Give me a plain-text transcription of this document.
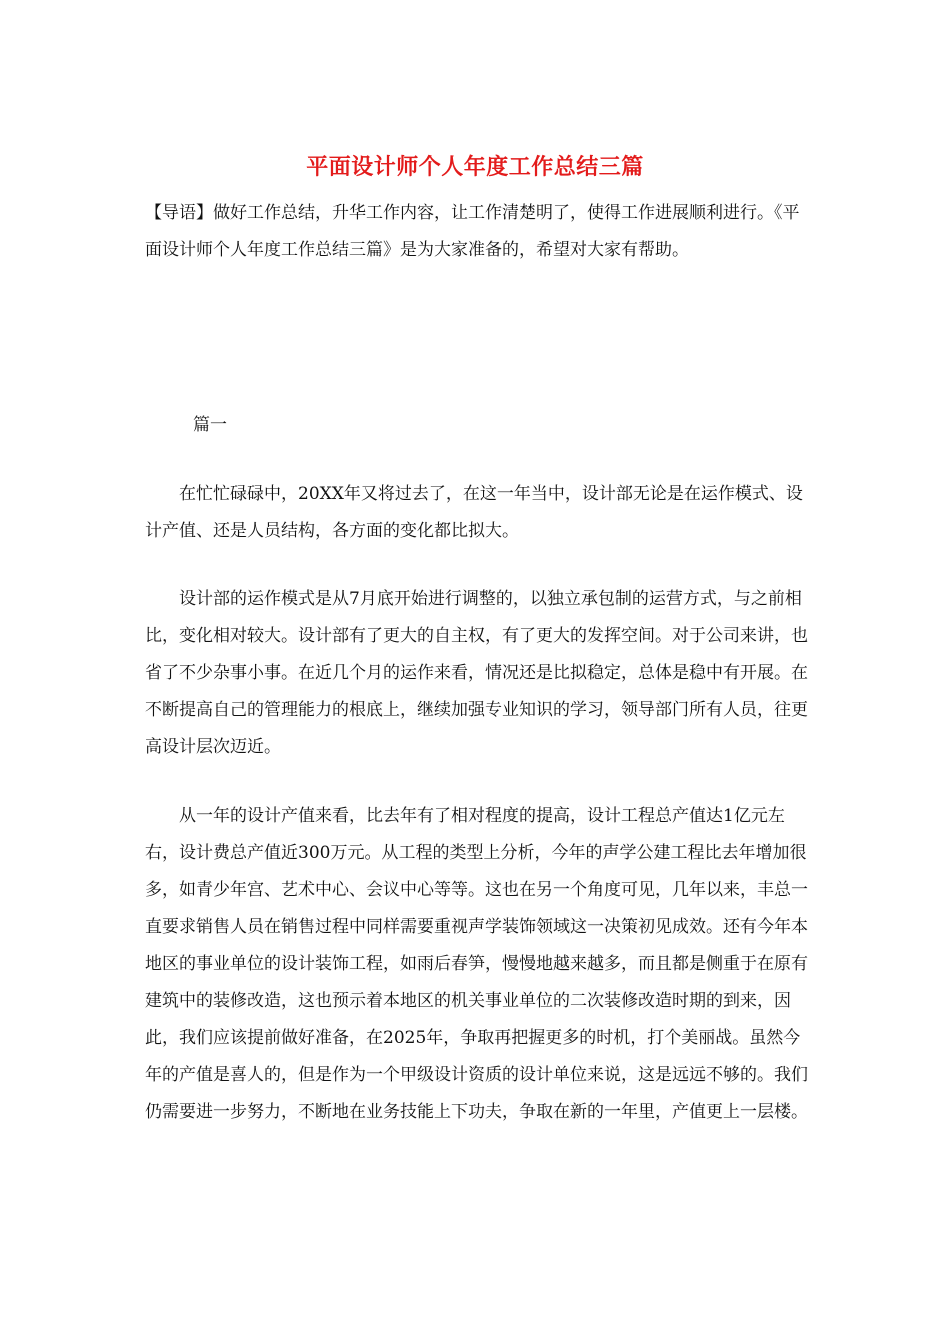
平面设计师个人年度工作总结三篇

【导语】做好工作总结，升华工作内容，让工作清楚明了，使得工作进展顺利进行。《平面设计师个人年度工作总结三篇》是为大家准备的，希望对大家有帮助。

篇一

在忙忙碌碌中，20XX年又将过去了，在这一年当中，设计部无论是在运作模式、设计产值、还是人员结构，各方面的变化都比拟大。

设计部的运作模式是从7月底开始进行调整的，以独立承包制的运营方式，与之前相比，变化相对较大。设计部有了更大的自主权，有了更大的发挥空间。对于公司来讲，也省了不少杂事小事。在近几个月的运作来看，情况还是比拟稳定，总体是稳中有开展。在不断提高自己的管理能力的根底上，继续加强专业知识的学习，领导部门所有人员，往更高设计层次迈近。

从一年的设计产值来看，比去年有了相对程度的提高，设计工程总产值达1亿元左右，设计费总产值近300万元。从工程的类型上分析，今年的声学公建工程比去年增加很多，如青少年宫、艺术中心、会议中心等等。这也在另一个角度可见，几年以来，丰总一直要求销售人员在销售过程中同样需要重视声学装饰领域这一决策初见成效。还有今年本地区的事业单位的设计装饰工程，如雨后春笋，慢慢地越来越多，而且都是侧重于在原有建筑中的装修改造，这也预示着本地区的机关事业单位的二次装修改造时期的到来，因此，我们应该提前做好准备，在2025年，争取再把握更多的时机，打个美丽战。虽然今年的产值是喜人的，但是作为一个甲级设计资质的设计单位来说，这是远远不够的。我们仍需要进一步努力，不断地在业务技能上下功夫，争取在新的一年里，产值更上一层楼。
